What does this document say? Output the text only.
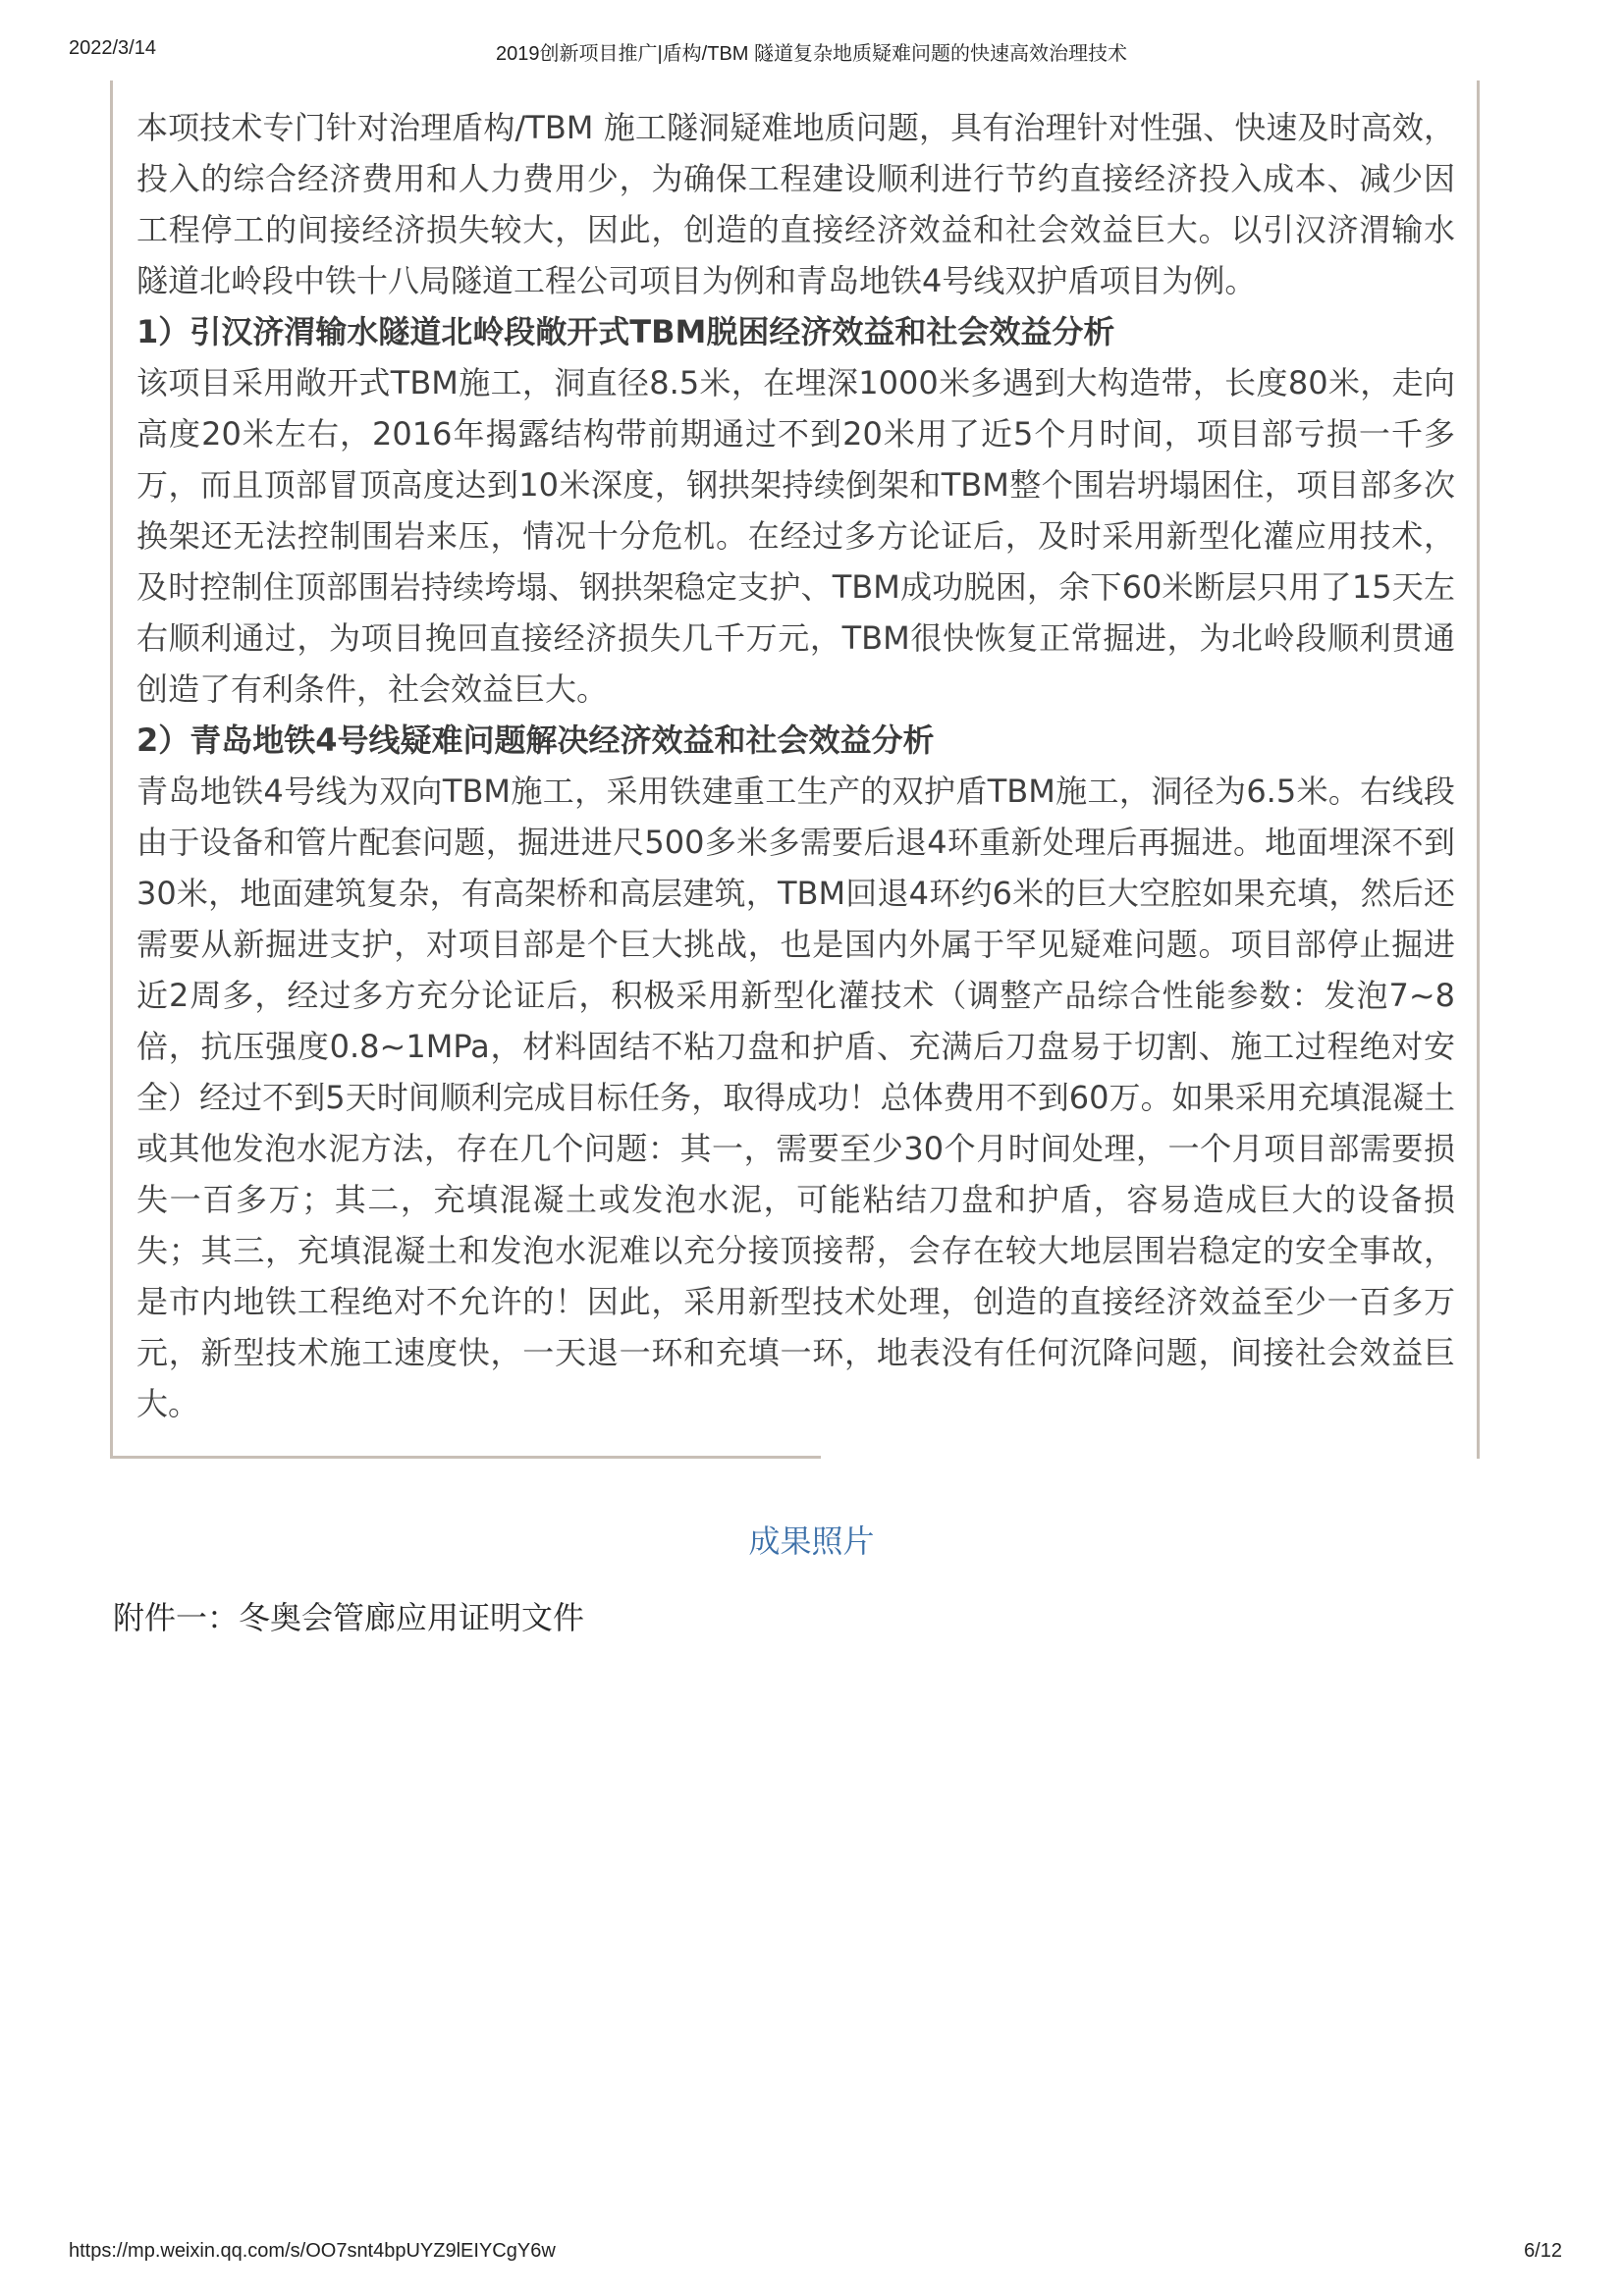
2022/3/14	2019创新项目推广|盾构/TBM 隧道复杂地质疑难问题的快速高效治理技术

本项技术专门针对治理盾构/TBM 施工隧洞疑难地质问题，具有治理针对性强、快速及时高效，投入的综合经济费用和人力费用少，为确保工程建设顺利进行节约直接经济投入成本、减少因工程停工的间接经济损失较大，因此，创造的直接经济效益和社会效益巨大。以引汉济渭输水隧道北岭段中铁十八局隧道工程公司项目为例和青岛地铁4号线双护盾项目为例。

1）引汉济渭输水隧道北岭段敞开式TBM脱困经济效益和社会效益分析

该项目采用敞开式TBM施工，洞直径8.5米，在埋深1000米多遇到大构造带，长度80米，走向高度20米左右，2016年揭露结构带前期通过不到20米用了近5个月时间，项目部亏损一千多万，而且顶部冒顶高度达到10米深度，钢拱架持续倒架和TBM整个围岩坍塌困住，项目部多次换架还无法控制围岩来压，情况十分危机。在经过多方论证后，及时采用新型化灌应用技术，及时控制住顶部围岩持续垮塌、钢拱架稳定支护、TBM成功脱困，余下60米断层只用了15天左右顺利通过，为项目挽回直接经济损失几千万元，TBM很快恢复正常掘进，为北岭段顺利贯通创造了有利条件，社会效益巨大。

2）青岛地铁4号线疑难问题解决经济效益和社会效益分析

青岛地铁4号线为双向TBM施工，采用铁建重工生产的双护盾TBM施工，洞径为6.5米。右线段由于设备和管片配套问题，掘进进尺500多米多需要后退4环重新处理后再掘进。地面埋深不到30米，地面建筑复杂，有高架桥和高层建筑，TBM回退4环约6米的巨大空腔如果充填，然后还需要从新掘进支护，对项目部是个巨大挑战，也是国内外属于罕见疑难问题。项目部停止掘进近2周多，经过多方充分论证后，积极采用新型化灌技术（调整产品综合性能参数：发泡7~8倍，抗压强度0.8~1MPa，材料固结不粘刀盘和护盾、充满后刀盘易于切割、施工过程绝对安全）经过不到5天时间顺利完成目标任务，取得成功！总体费用不到60万。如果采用充填混凝土或其他发泡水泥方法，存在几个问题：其一，需要至少30个月时间处理，一个月项目部需要损失一百多万；其二，充填混凝土或发泡水泥，可能粘结刀盘和护盾，容易造成巨大的设备损失；其三，充填混凝土和发泡水泥难以充分接顶接帮，会存在较大地层围岩稳定的安全事故，是市内地铁工程绝对不允许的！因此，采用新型技术处理，创造的直接经济效益至少一百多万元，新型技术施工速度快，一天退一环和充填一环，地表没有任何沉降问题，间接社会效益巨大。

成果照片
附件一：冬奥会管廊应用证明文件
https://mp.weixin.qq.com/s/OO7snt4bpUYZ9lEIYCgY6w	6/12
